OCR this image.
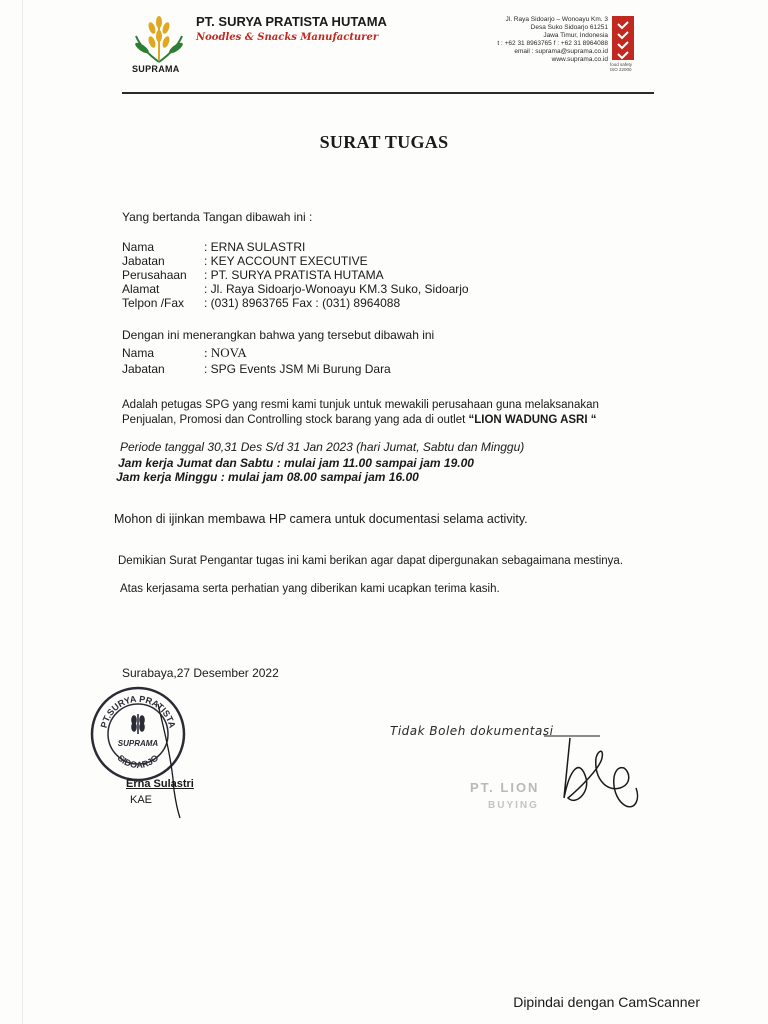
SUPRAMA
PT. SURYA PRATISTA HUTAMA
Noodles & Snacks Manufacturer
Jl. Raya Sidoarjo – Wonoayu Km. 3
Desa Suko Sidoarjo 61251
Jawa Timur, Indonesia
t : +62 31 8963765 f : +62 31 8964088
email : suprama@suprama.co.id
www.suprama.co.id
food safety ISO 22000
SURAT TUGAS
Yang bertanda Tangan dibawah ini :
Nama	: ERNA SULASTRI
Jabatan	: KEY ACCOUNT EXECUTIVE
Perusahaan	: PT. SURYA PRATISTA HUTAMA
Alamat	: Jl. Raya Sidoarjo-Wonoayu KM.3 Suko, Sidoarjo
Telpon /Fax	: (031) 8963765 Fax : (031) 8964088
Dengan ini menerangkan bahwa yang tersebut dibawah ini
Nama	: NOVA
Jabatan	: SPG Events JSM Mi Burung Dara
Adalah petugas SPG yang resmi kami tunjuk untuk mewakili perusahaan guna melaksanakan
Penjualan, Promosi dan Controlling stock barang yang ada di outlet “LION WADUNG ASRI “
Periode tanggal 30,31 Des S/d 31 Jan 2023 (hari Jumat, Sabtu dan Minggu)
Jam kerja Jumat dan Sabtu : mulai jam 11.00 sampai jam 19.00
Jam kerja Minggu : mulai jam 08.00 sampai jam 16.00
Mohon di ijinkan membawa HP camera untuk documentasi selama activity.
Demikian Surat Pengantar tugas ini kami berikan agar dapat dipergunakan sebagaimana mestinya.
Atas kerjasama serta perhatian yang diberikan kami ucapkan terima kasih.
Surabaya,27 Desember 2022
PT.SURYA PRATISTA
SIDOARJO
SUPRAMA
Erna Sulastri
KAE
Tidak Boleh dokumentasi
PT. LION
BUYING
Dipindai dengan CamScanner
